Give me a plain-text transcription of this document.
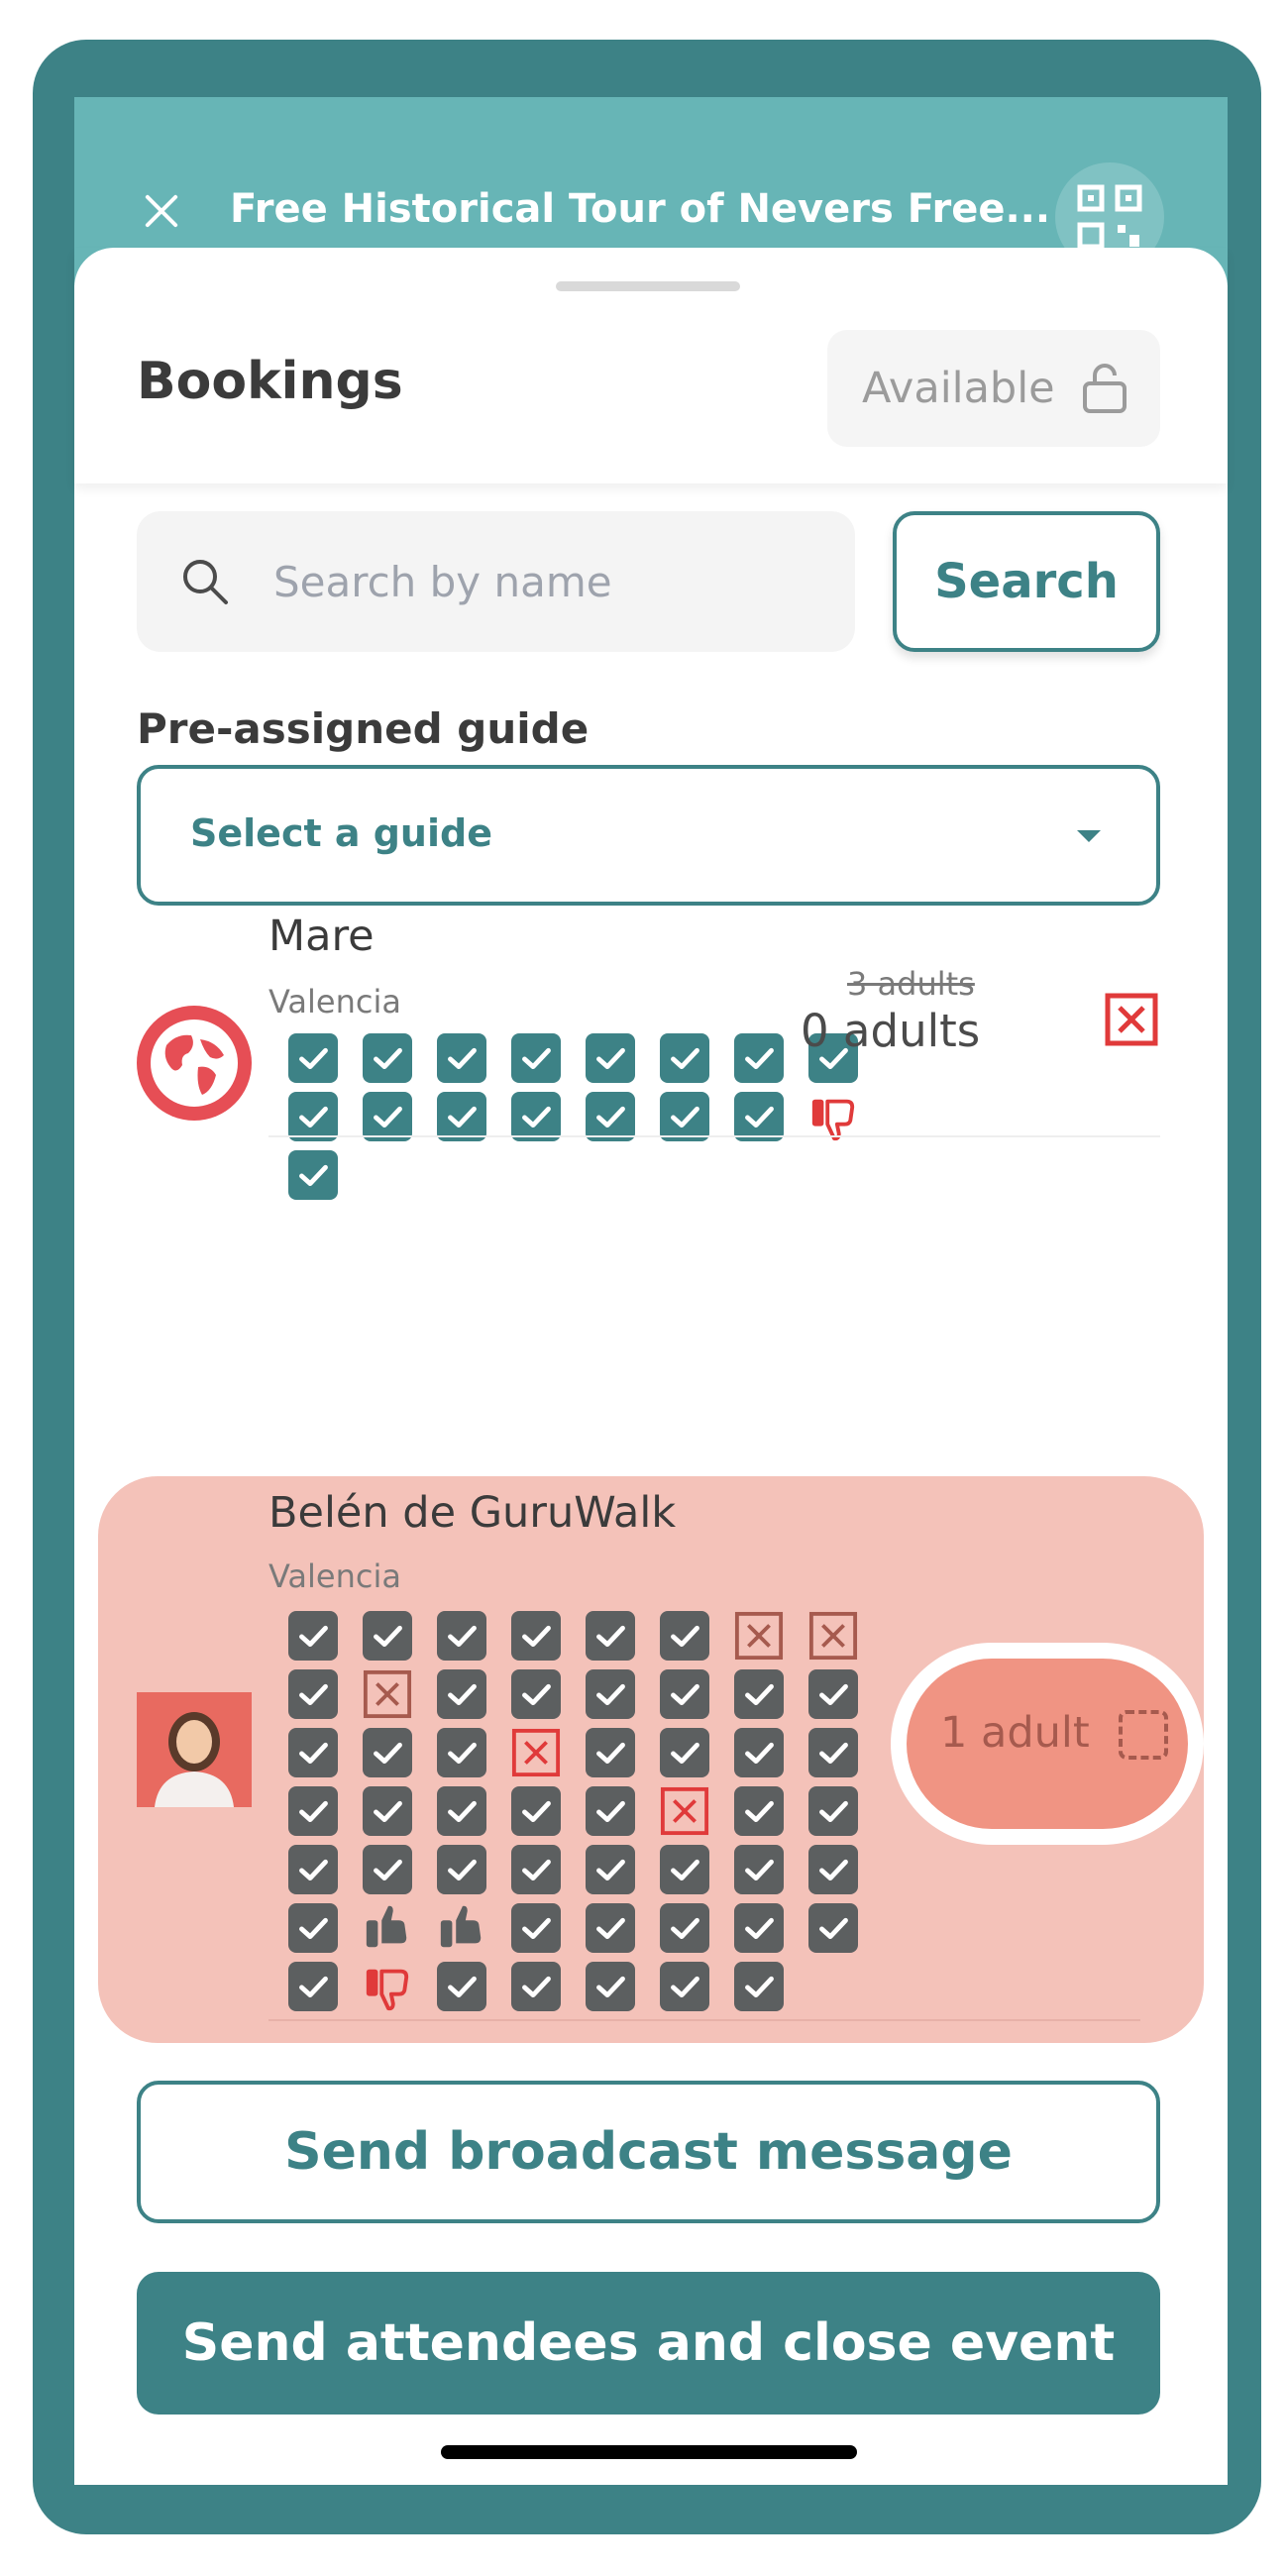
Free Historical Tour of Nevers Free...
Bookings	Available
Search by name
Search
Pre-assigned guide
Select a guide
Mare
Valencia	3 adults
0 adults
Belén de GuruWalk
Valencia
1 adult
Send broadcast message
Send attendees and close event
